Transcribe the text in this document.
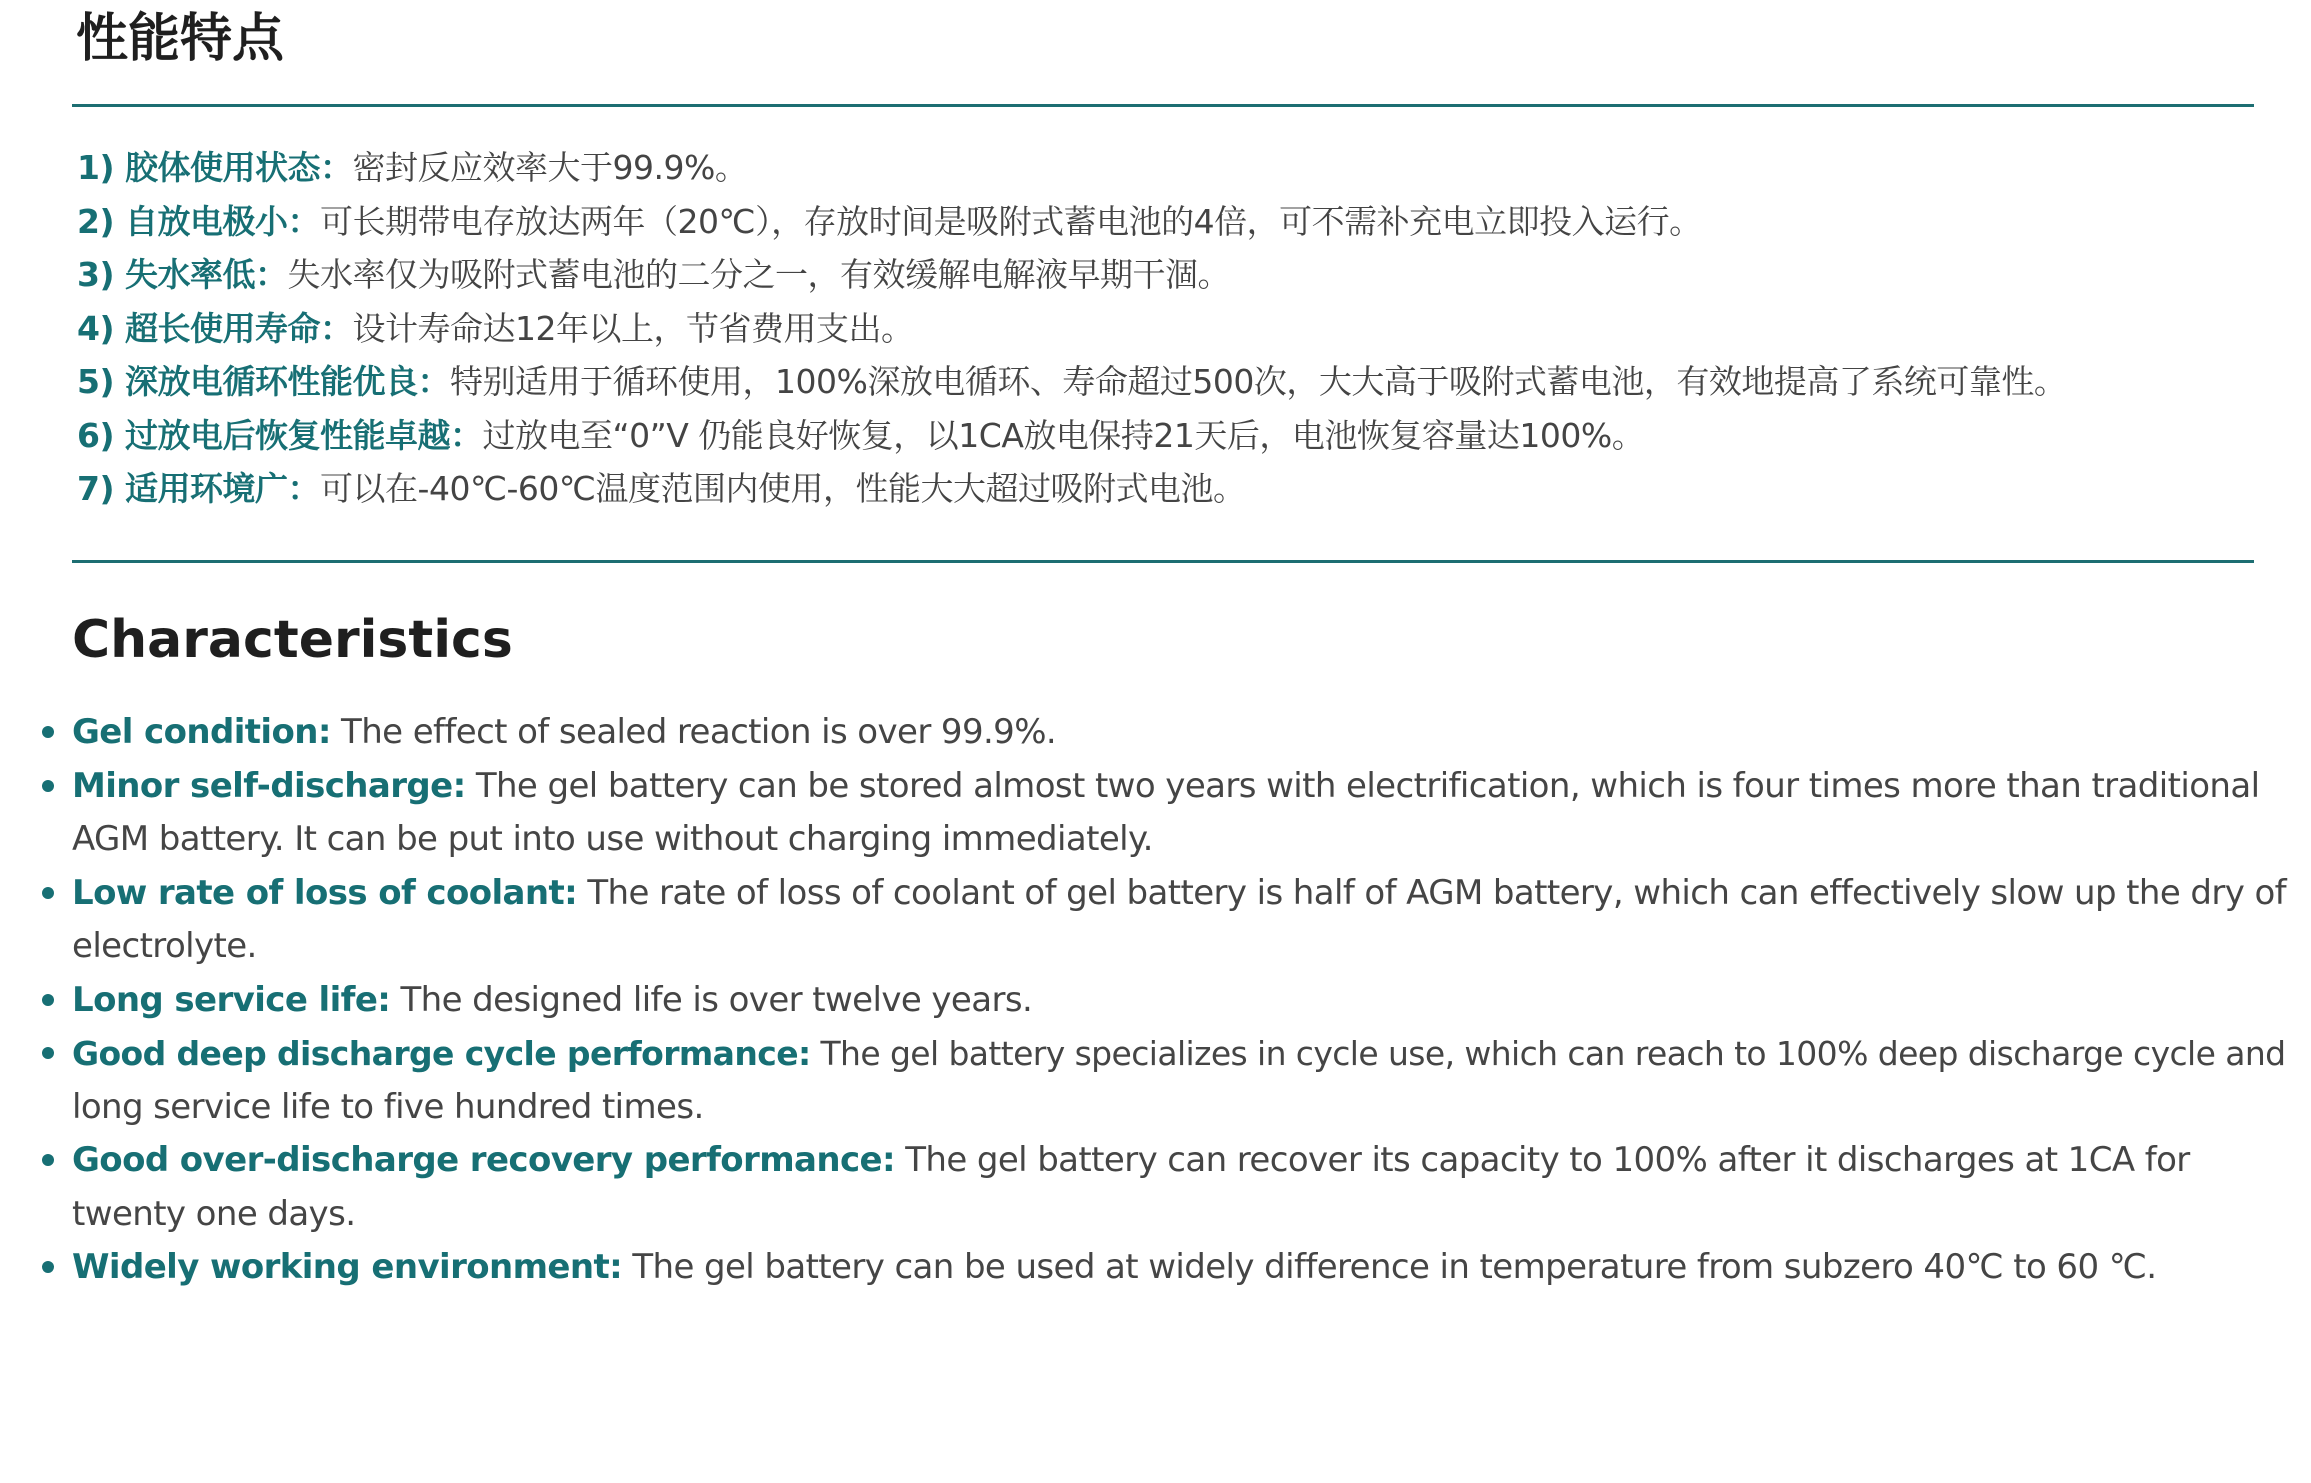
性能特点
1) 胶体使用状态：密封反应效率大于99.9%。
2) 自放电极小：可长期带电存放达两年（20℃），存放时间是吸附式蓄电池的4倍，可不需补充电立即投入运行。
3) 失水率低：失水率仅为吸附式蓄电池的二分之一，有效缓解电解液早期干涸。
4) 超长使用寿命：设计寿命达12年以上，节省费用支出。
5) 深放电循环性能优良：特别适用于循环使用，100%深放电循环、寿命超过500次，大大高于吸附式蓄电池，有效地提高了系统可靠性。
6) 过放电后恢复性能卓越：过放电至“0”V 仍能良好恢复，以1CA放电保持21天后，电池恢复容量达100%。
7) 适用环境广：可以在-40℃-60℃温度范围内使用，性能大大超过吸附式电池。
Characteristics
Gel condition: The effect of sealed reaction is over 99.9%.
Minor self-discharge: The gel battery can be stored almost two years with electrification, which is four times more than traditional
AGM battery. It can be put into use without charging immediately.
Low rate of loss of coolant: The rate of loss of coolant of gel battery is half of AGM battery, which can effectively slow up the dry of
electrolyte.
Long service life: The designed life is over twelve years.
Good deep discharge cycle performance: The gel battery specializes in cycle use, which can reach to 100% deep discharge cycle and
long service life to five hundred times.
Good over-discharge recovery performance: The gel battery can recover its capacity to 100% after it discharges at 1CA for
twenty one days.
Widely working environment: The gel battery can be used at widely difference in temperature from subzero 40℃ to 60 ℃.
